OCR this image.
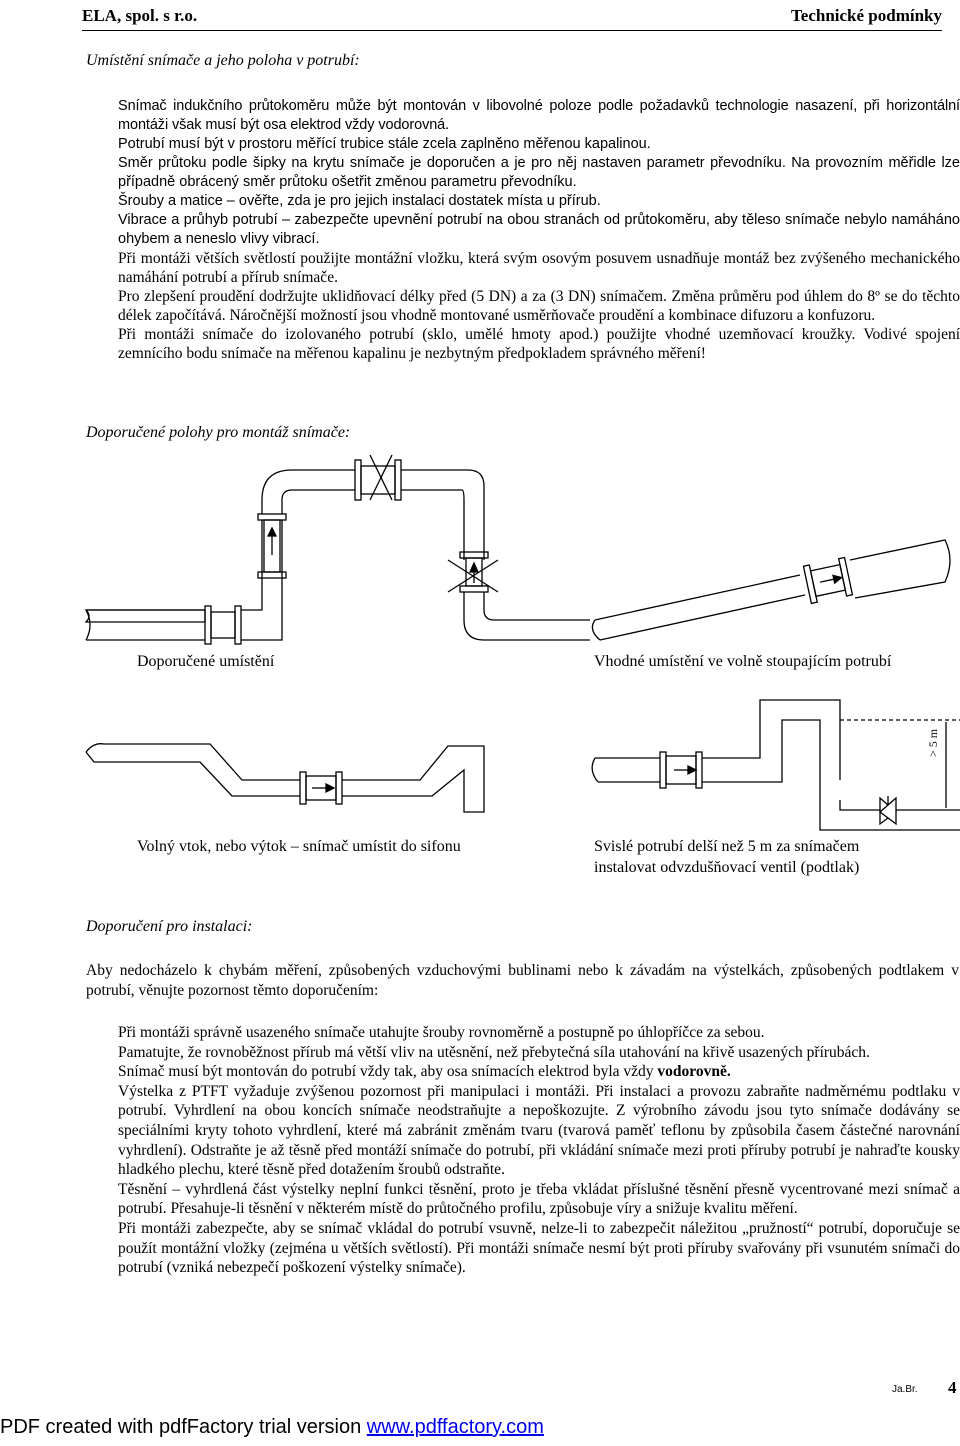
ELA, spol. s r.o.	Technické podmínky
Umístění snímače a jeho poloha v potrubí:

Snímač indukčního průtokoměru může být montován v libovolné poloze podle požadavků technologie nasazení, při horizontální montáži však musí být osa elektrod vždy vodorovná.

Potrubí musí být v prostoru měřící trubice stále zcela zaplněno měřenou kapalinou.

Směr průtoku podle šipky na krytu snímače je doporučen a je pro něj nastaven parametr převodníku. Na provozním měřidle lze případně obrácený směr průtoku ošetřit změnou parametru převodníku.

Šrouby a matice – ověřte, zda je pro jejich instalaci dostatek místa u přírub.

Vibrace a průhyb potrubí – zabezpečte upevnění potrubí na obou stranách od průtokoměru, aby těleso snímače nebylo namáháno ohybem a neneslo vlivy vibrací.

Při montáži větších světlostí použijte montážní vložku, která svým osovým posuvem usnadňuje montáž bez zvýšeného mechanického namáhání potrubí a přírub snímače.

Pro zlepšení proudění dodržujte uklidňovací délky před (5 DN) a za (3 DN) snímačem. Změna průměru pod úhlem do 8º se do těchto délek započítává. Náročnější možností jsou vhodně montované usměrňovače proudění a kombinace difuzoru a konfuzoru.

Při montáži snímače do izolovaného potrubí (sklo, umělé hmoty apod.) použijte vhodné uzemňovací kroužky. Vodivé spojení zemnícího bodu snímače na měřenou kapalinu je nezbytným předpokladem správného měření!

Doporučené polohy pro montáž snímače:
> 5 m
Doporučené umístění	Vhodné umístění ve volně stoupajícím potrubí
Volný vtok, nebo výtok – snímač umístit do sifonu	Svislé potrubí delší než 5 m za snímačem
instalovat odvzdušňovací ventil (podtlak)
Doporučení pro instalaci:

Aby nedocházelo k chybám měření, způsobených vzduchovými bublinami nebo k závadám na výstelkách, způsobených podtlakem v potrubí, věnujte pozornost těmto doporučením:

Při montáži správně usazeného snímače utahujte šrouby rovnoměrně a postupně po úhlopříčce za sebou.

Pamatujte, že rovnoběžnost přírub má větší vliv na utěsnění, než přebytečná síla utahování na křivě usazených přírubách.

Snímač musí být montován do potrubí vždy tak, aby osa snímacích elektrod byla vždy vodorovně.

Výstelka z PTFT vyžaduje zvýšenou pozornost při manipulaci i montáži. Při instalaci a provozu zabraňte nadměrnému podtlaku v potrubí. Vyhrdlení na obou koncích snímače neodstraňujte a nepoškozujte. Z výrobního závodu jsou tyto snímače dodávány se speciálními kryty tohoto vyhrdlení, které má zabránit změnám tvaru (tvarová paměť teflonu by způsobila časem částečné narovnání vyhrdlení). Odstraňte je až těsně před montáží snímače do potrubí, při vkládání snímače mezi proti příruby potrubí je nahraďte kousky hladkého plechu, které těsně před dotažením šroubů odstraňte.

Těsnění – vyhrdlená část výstelky neplní funkci těsnění, proto je třeba vkládat příslušné těsnění přesně vycentrované mezi snímač a potrubí. Přesahuje-li těsnění v některém místě do průtočného profilu, způsobuje víry a snižuje kvalitu měření.

Při montáži zabezpečte, aby se snímač vkládal do potrubí vsuvně, nelze-li to zabezpečit náležitou „pružností“ potrubí, doporučuje se použít montážní vložky (zejména u větších světlostí). Při montáži snímače nesmí být proti příruby svařovány při vsunutém snímači do potrubí (vzniká nebezpečí poškození výstelky snímače).

Ja.Br. 4
PDF created with pdfFactory trial version www.pdffactory.com
